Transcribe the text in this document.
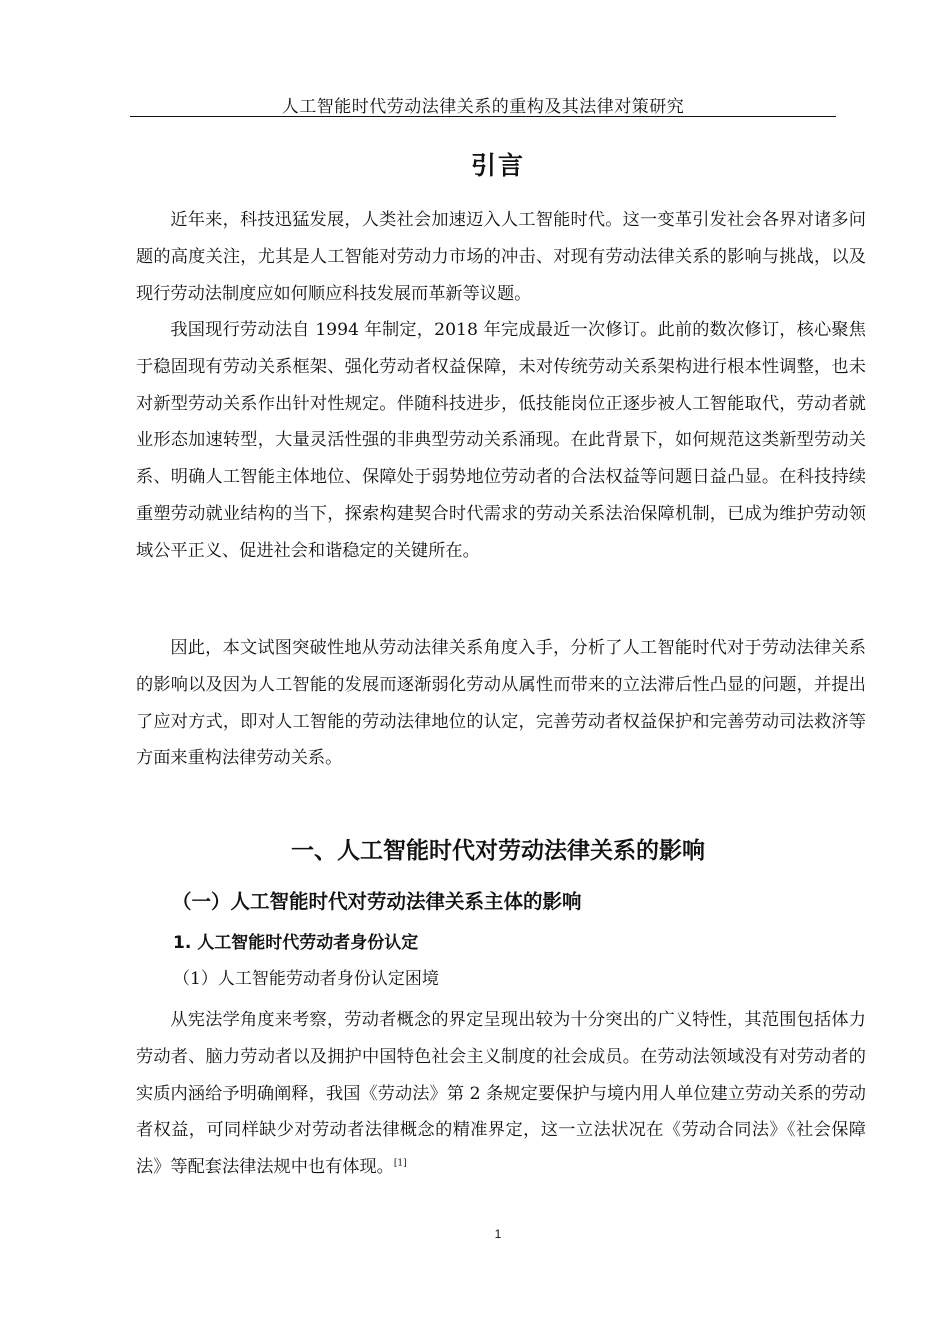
人工智能时代劳动法律关系的重构及其法律对策研究
引言

近年来，科技迅猛发展，人类社会加速迈入人工智能时代。这一变革引发社会各界对诸多问题的高度关注，尤其是人工智能对劳动力市场的冲击、对现有劳动法律关系的影响与挑战，以及现行劳动法制度应如何顺应科技发展而革新等议题。

我国现行劳动法自 1994 年制定，2018 年完成最近一次修订。此前的数次修订，核心聚焦于稳固现有劳动关系框架、强化劳动者权益保障，未对传统劳动关系架构进行根本性调整，也未对新型劳动关系作出针对性规定。伴随科技进步，低技能岗位正逐步被人工智能取代，劳动者就业形态加速转型，大量灵活性强的非典型劳动关系涌现。在此背景下，如何规范这类新型劳动关系、明确人工智能主体地位、保障处于弱势地位劳动者的合法权益等问题日益凸显。在科技持续重塑劳动就业结构的当下，探索构建契合时代需求的劳动关系法治保障机制，已成为维护劳动领域公平正义、促进社会和谐稳定的关键所在。

因此，本文试图突破性地从劳动法律关系角度入手，分析了人工智能时代对于劳动法律关系的影响以及因为人工智能的发展而逐渐弱化劳动从属性而带来的立法滞后性凸显的问题，并提出了应对方式，即对人工智能的劳动法律地位的认定，完善劳动者权益保护和完善劳动司法救济等方面来重构法律劳动关系。

一、人工智能时代对劳动法律关系的影响
（一）人工智能时代对劳动法律关系主体的影响
1. 人工智能时代劳动者身份认定
（1）人工智能劳动者身份认定困境

从宪法学角度来考察，劳动者概念的界定呈现出较为十分突出的广义特性，其范围包括体力劳动者、脑力劳动者以及拥护中国特色社会主义制度的社会成员。在劳动法领域没有对劳动者的实质内涵给予明确阐释，我国《劳动法》第 2 条规定要保护与境内用人单位建立劳动关系的劳动者权益，可同样缺少对劳动者法律概念的精准界定，这一立法状况在《劳动合同法》《社会保障法》等配套法律法规中也有体现。[1]

1
